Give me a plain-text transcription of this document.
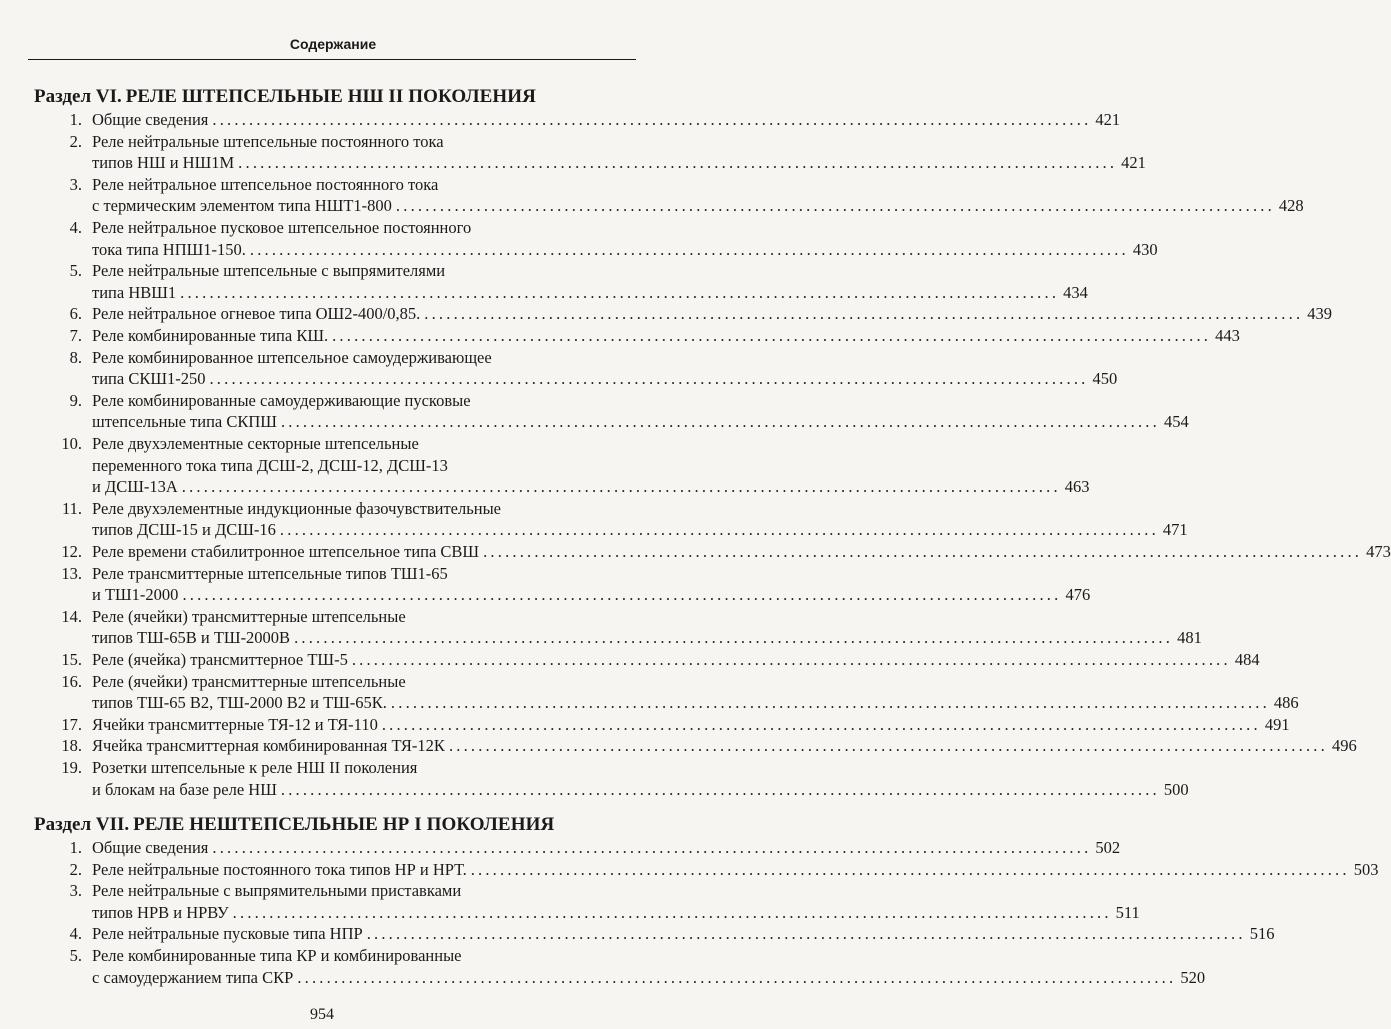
Содержание
Раздел VI. РЕЛЕ ШТЕПСЕЛЬНЫЕ НШ II ПОКОЛЕНИЯ
1. Общие сведения ........................................................................................................................ 421
2. Реле нейтральные штепсельные постоянного тока
типов НШ и НШ1М ........................................................................................................................ 421
3. Реле нейтральное штепсельное постоянного тока
с термическим элементом типа НШТ1-800 ........................................................................................................................ 428
4. Реле нейтральное пусковое штепсельное постоянного
тока типа НПШ1-150. ........................................................................................................................ 430
5. Реле нейтральные штепсельные с выпрямителями
типа НВШ1 ........................................................................................................................ 434
6. Реле нейтральное огневое типа ОШ2-400/0,85. ........................................................................................................................ 439
7. Реле комбинированные типа КШ. ........................................................................................................................ 443
8. Реле комбинированное штепсельное самоудерживающее
типа СКШ1-250 ........................................................................................................................ 450
9. Реле комбинированные самоудерживающие пусковые
штепсельные типа СКПШ ........................................................................................................................ 454
10. Реле двухэлементные секторные штепсельные
переменного тока типа ДСШ-2, ДСШ-12, ДСШ-13
и ДСШ-13А ........................................................................................................................ 463
11. Реле двухэлементные индукционные фазочувствительные
типов ДСШ-15 и ДСШ-16 ........................................................................................................................ 471
12. Реле времени стабилитронное штепсельное типа СВШ ........................................................................................................................ 473
13. Реле трансмиттерные штепсельные типов ТШ1-65
и ТШ1-2000 ........................................................................................................................ 476
14. Реле (ячейки) трансмиттерные штепсельные
типов ТШ-65В и ТШ-2000В ........................................................................................................................ 481
15. Реле (ячейка) трансмиттерное ТШ-5 ........................................................................................................................ 484
16. Реле (ячейки) трансмиттерные штепсельные
типов ТШ-65 В2, ТШ-2000 В2 и ТШ-65К. ........................................................................................................................ 486
17. Ячейки трансмиттерные ТЯ-12 и ТЯ-110 ........................................................................................................................ 491
18. Ячейка трансмиттерная комбинированная ТЯ-12К ........................................................................................................................ 496
19. Розетки штепсельные к реле НШ II поколения
и блокам на базе реле НШ ........................................................................................................................ 500
Раздел VII. РЕЛЕ НЕШТЕПСЕЛЬНЫЕ НР I ПОКОЛЕНИЯ
1. Общие сведения ........................................................................................................................ 502
2. Реле нейтральные постоянного тока типов НР и НРТ. ........................................................................................................................ 503
3. Реле нейтральные с выпрямительными приставками
типов НРВ и НРВУ ........................................................................................................................ 511
4. Реле нейтральные пусковые типа НПР ........................................................................................................................ 516
5. Реле комбинированные типа КР и комбинированные
с самоудержанием типа СКР ........................................................................................................................ 520
954
